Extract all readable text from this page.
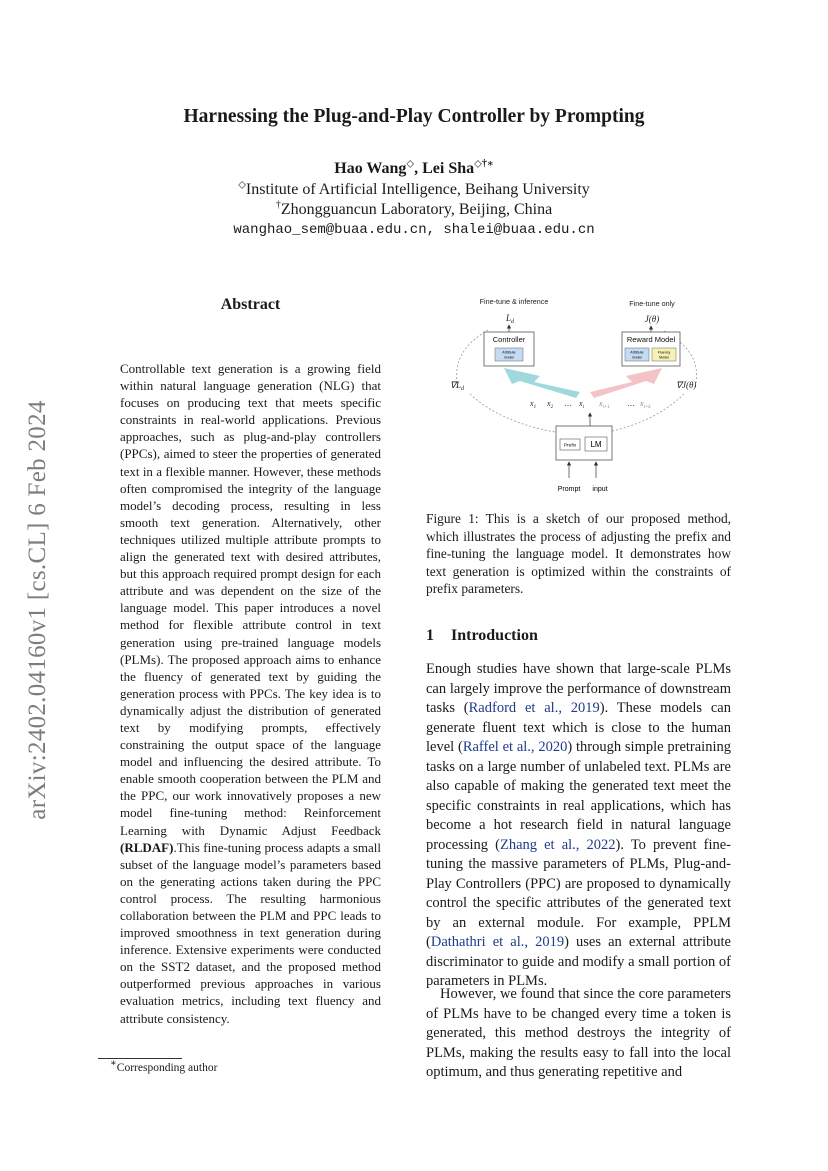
arXiv:2402.04160v1 [cs.CL] 6 Feb 2024
Harnessing the Plug-and-Play Controller by Prompting
Hao Wang◇, Lei Sha◇†∗
◇Institute of Artificial Intelligence, Beihang University
†Zhongguancun Laboratory, Beijing, China
wanghao_sem@buaa.edu.cn, shalei@buaa.edu.cn
Abstract
Controllable text generation is a growing field within natural language generation (NLG) that focuses on producing text that meets specific constraints in real-world applications. Previous approaches, such as plug-and-play controllers (PPCs), aimed to steer the properties of generated text in a flexible manner. However, these methods often compromised the integrity of the language model’s decoding process, resulting in less smooth text generation. Alternatively, other techniques utilized multiple attribute prompts to align the generated text with desired attributes, but this approach required prompt design for each attribute and was dependent on the size of the language model. This paper introduces a novel method for flexible attribute control in text generation using pre-trained language models (PLMs). The proposed approach aims to enhance the fluency of generated text by guiding the generation process with PPCs. The key idea is to dynamically adjust the distribution of generated text by modifying prompts, effectively constraining the output space of the language model and influencing the desired attribute. To enable smooth cooperation between the PLM and the PPC, our work innovatively proposes a new model fine-tuning method: Reinforcement Learning with Dynamic Adjust Feedback (RLDAF).This fine-tuning process adapts a small subset of the language model’s parameters based on the generating actions taken during the PPC control process. The resulting harmonious collaboration between the PLM and PPC leads to improved smoothness in text generation during inference. Extensive experiments were conducted on the SST2 dataset, and the proposed method outperformed previous approaches in various evaluation metrics, including text fluency and attribute consistency.
∗Corresponding author
Fine-tune & inference	Fine-tune only
$L_d$	J(θ)
Controller
Attribute
model
Reward Model
Attribute
model
Fluency
Model
$\nabla L_d$	∇J(θ)
$x_1$ $x_2$ … $x_i$ $x_{i+1}$ … $x_{i+k}$
Prefix LM
Prompt input
Figure 1: This is a sketch of our proposed method, which illustrates the process of adjusting the prefix and fine-tuning the language model. It demonstrates how text generation is optimized within the constraints of prefix parameters.
1 Introduction
Enough studies have shown that large-scale PLMs can largely improve the performance of downstream tasks (Radford et al., 2019). These models can generate fluent text which is close to the human level (Raffel et al., 2020) through simple pretraining tasks on a large number of unlabeled text. PLMs are also capable of making the generated text meet the specific constraints in real applications, which has become a hot research field in natural language processing (Zhang et al., 2022). To prevent fine-tuning the massive parameters of PLMs, Plug-and-Play Controllers (PPC) are proposed to dynamically control the specific attributes of the generated text by an external module. For example, PPLM (Dathathri et al., 2019) uses an external attribute discriminator to guide and modify a small portion of parameters in PLMs.
However, we found that since the core parameters of PLMs have to be changed every time a token is generated, this method destroys the integrity of PLMs, making the results easy to fall into the local optimum, and thus generating repetitive and
